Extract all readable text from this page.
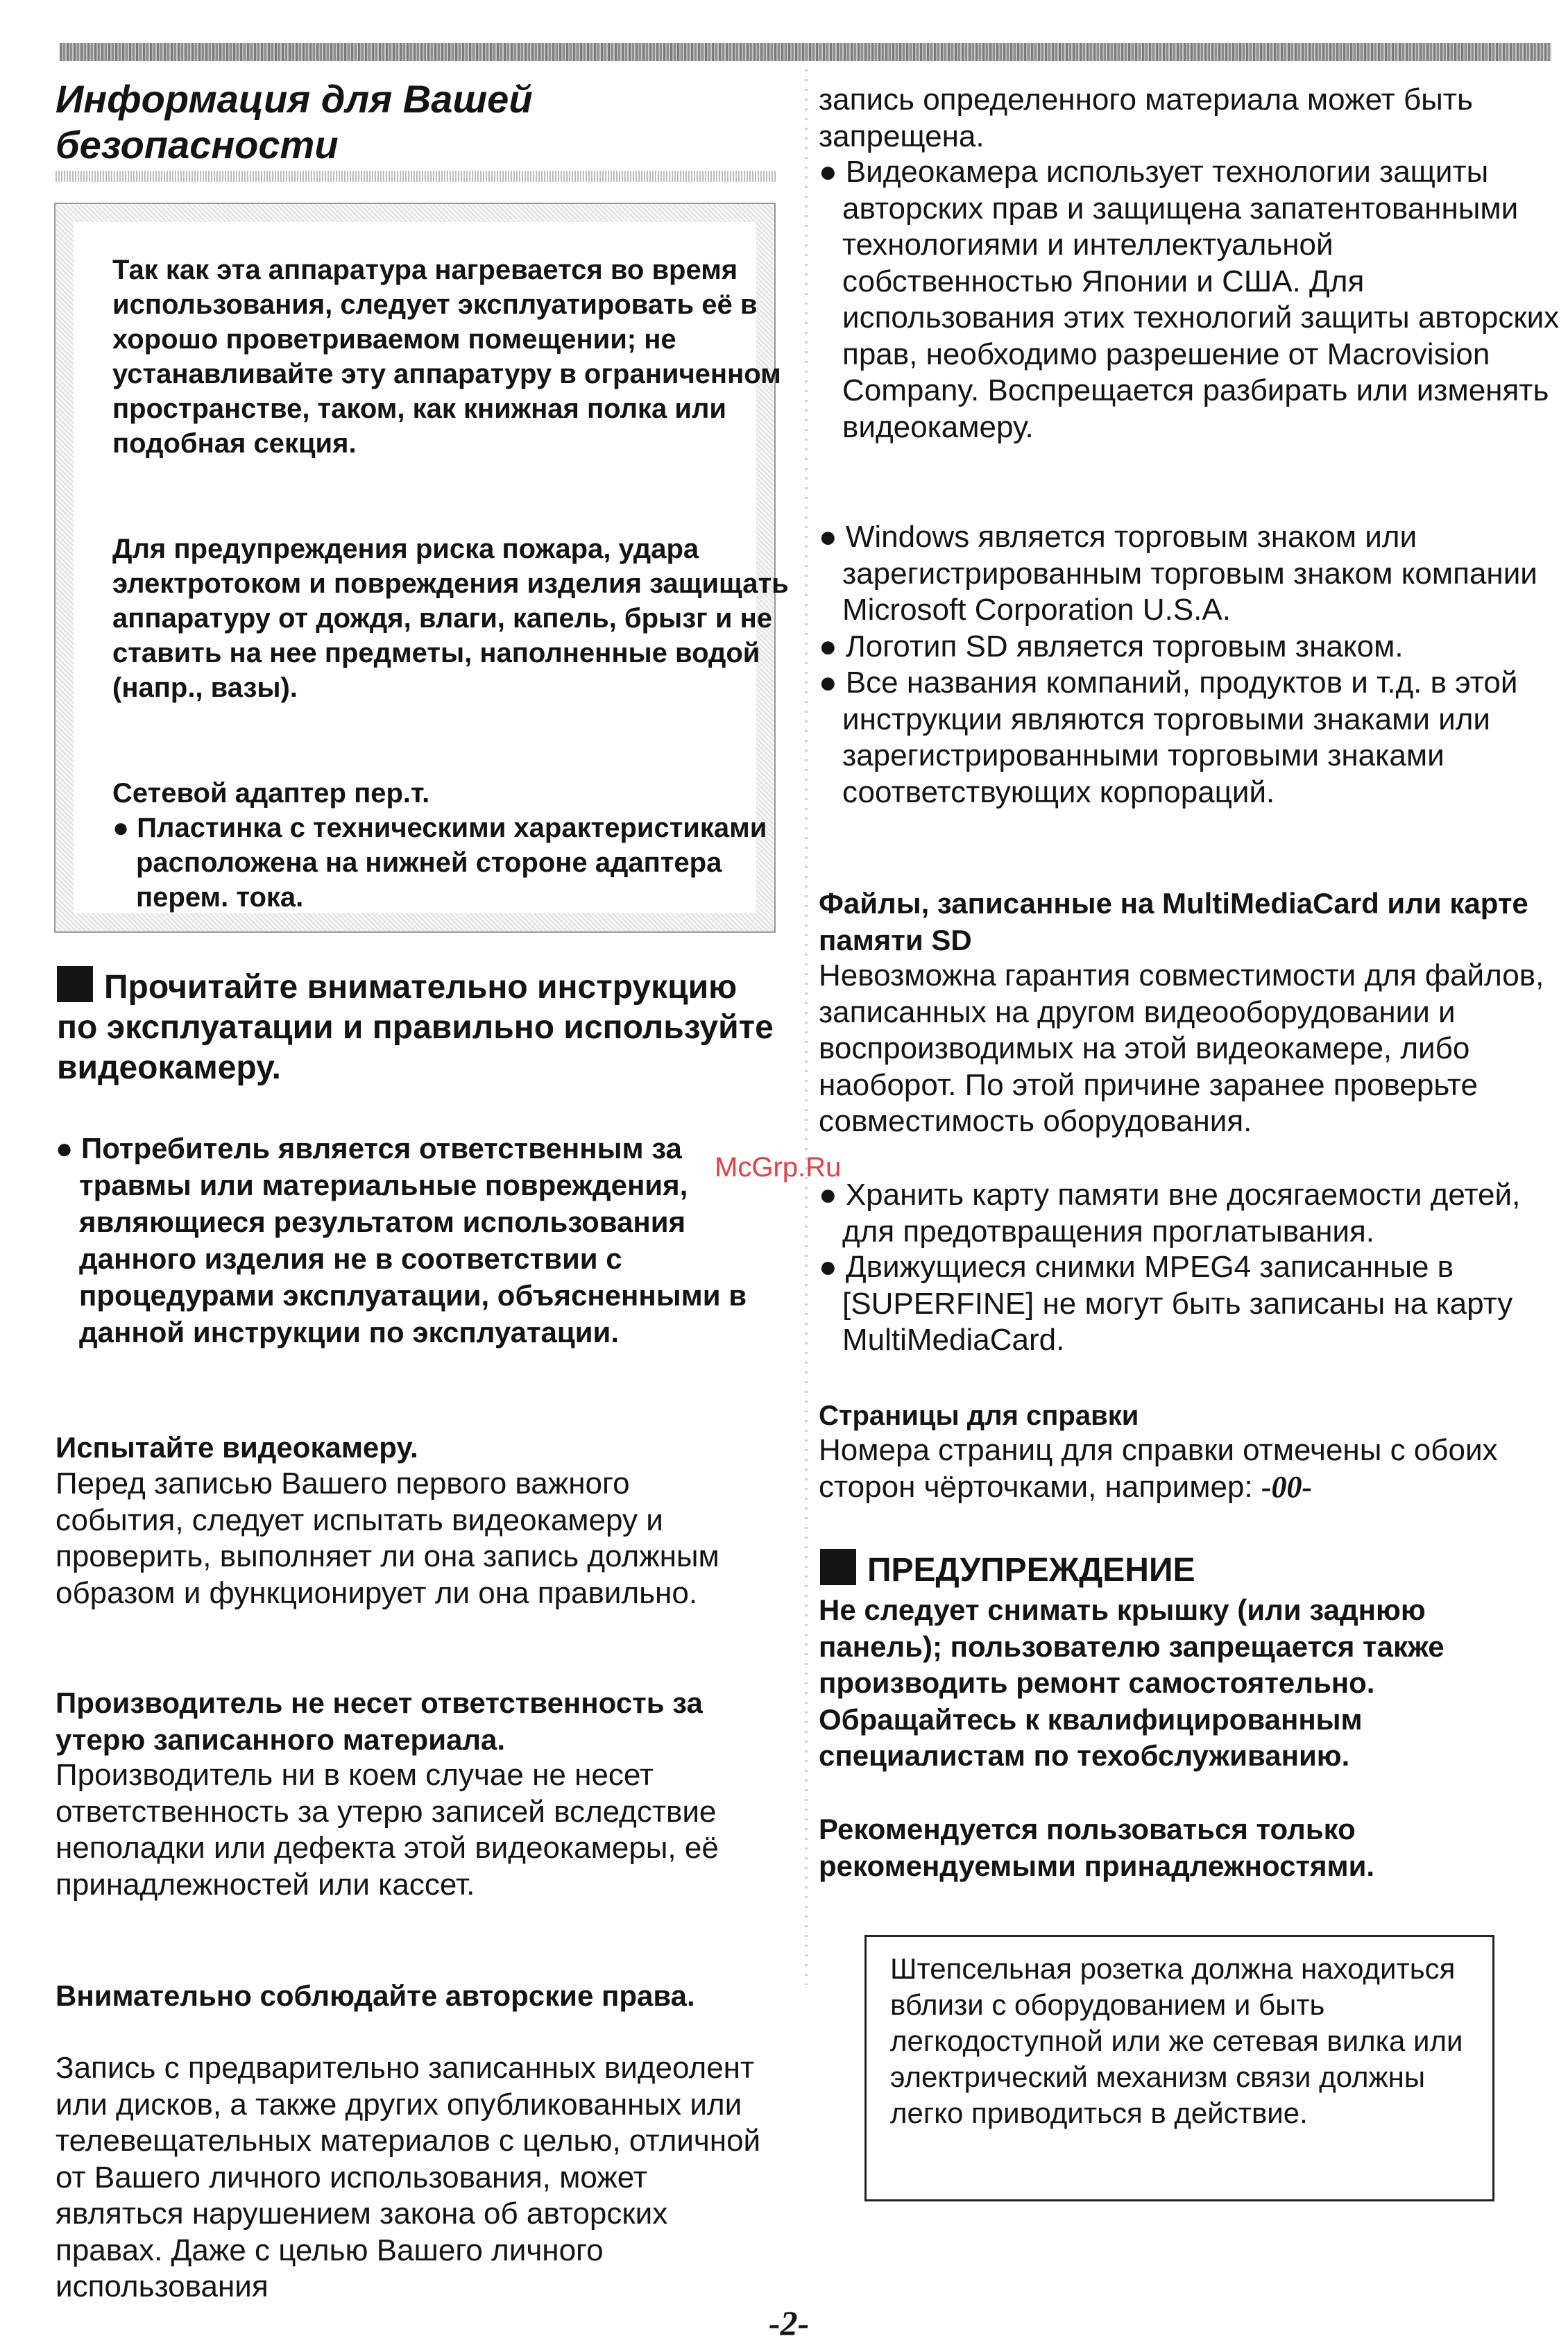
Информация для Вашей безопасности
Так как эта аппаратура нагревается во время использования, следует эксплуатировать её в хорошо проветриваемом помещении; не устанавливайте эту аппаратуру в ограниченном пространстве, таком, как книжная полка или подобная секция.
Для предупреждения риска пожара, удара электротоком и повреждения изделия защищать аппаратуру от дождя, влаги, капель, брызг и не ставить на нее предметы, наполненные водой (напр., вазы).
Сетевой адаптер пер.т.
● Пластинка с техническими характеристиками расположена на нижней стороне адаптера перем. тока.
Прочитайте внимательно инструкцию по эксплуатации и правильно используйте видеокамеру.
● Потребитель является ответственным за травмы или материальные повреждения, являющиеся результатом использования данного изделия не в соответствии с процедурами эксплуатации, объясненными в данной инструкции по эксплуатации.
Испытайте видеокамеру.
Перед записью Вашего первого важного события, следует испытать видеокамеру и проверить, выполняет ли она запись должным образом и функционирует ли она правильно.
Производитель не несет ответственность за утерю записанного материала.
Производитель ни в коем случае не несет ответственность за утерю записей вследствие неполадки или дефекта этой видеокамеры, её принадлежностей или кассет.
Внимательно соблюдайте авторские права.
Запись с предварительно записанных видеолент или дисков, а также других опубликованных или телевещательных материалов с целью, отличной от Вашего личного использования, может являться нарушением закона об авторских правах. Даже с целью Вашего личного использования
запись определенного материала может быть запрещена.
● Видеокамера использует технологии защиты авторских прав и защищена запатентованными технологиями и интеллектуальной собственностью Японии и США. Для использования этих технологий защиты авторских прав, необходимо разрешение от Macrovision Company. Воспрещается разбирать или изменять видеокамеру.
● Windows является торговым знаком или зарегистрированным торговым знаком компании Microsoft Corporation U.S.A.
● Логотип SD является торговым знаком.
● Все названия компаний, продуктов и т.д. в этой инструкции являются торговыми знаками или зарегистрированными торговыми знаками соответствующих корпораций.
Файлы, записанные на MultiMediaCard или карте памяти SD
Невозможна гарантия совместимости для файлов, записанных на другом видеооборудовании и воспроизводимых на этой видеокамере, либо наоборот. По этой причине заранее проверьте совместимость оборудования.
● Хранить карту памяти вне досягаемости детей, для предотвращения проглатывания.
● Движущиеся снимки MPEG4 записанные в [SUPERFINE] не могут быть записаны на карту MultiMediaCard.
Страницы для справки
Номера страниц для справки отмечены с обоих сторон чёрточками, например: -00-
ПРЕДУПРЕЖДЕНИЕ
Не следует снимать крышку (или заднюю панель); пользователю запрещается также производить ремонт самостоятельно. Обращайтесь к квалифицированным специалистам по техобслуживанию.
Рекомендуется пользоваться только рекомендуемыми принадлежностями.
Штепсельная розетка должна находиться вблизи с оборудованием и быть легкодоступной или же сетевая вилка или электрический механизм связи должны легко приводиться в действие.
McGrp.Ru
-2-
